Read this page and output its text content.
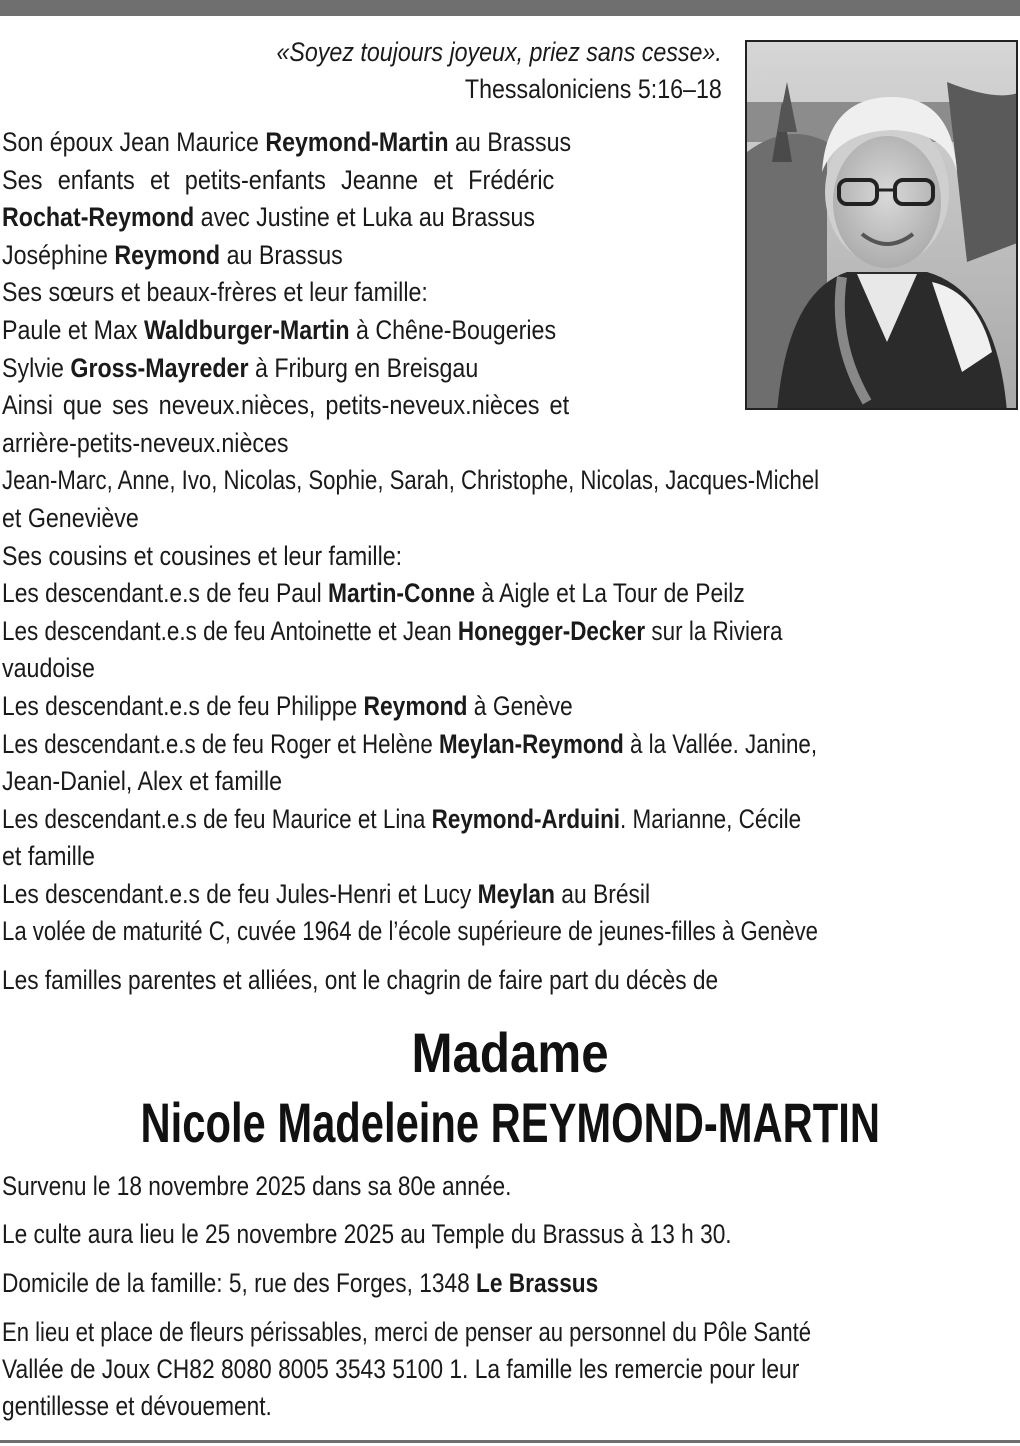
«Soyez toujours joyeux, priez sans cesse».
Thessaloniciens 5:16–18
Son époux Jean Maurice Reymond-Martin au Brassus
Ses enfants et petits-enfants Jeanne et Frédéric
Rochat-Reymond avec Justine et Luka au Brassus
Joséphine Reymond au Brassus
Ses sœurs et beaux-frères et leur famille:
Paule et Max Waldburger-Martin à Chêne-Bougeries
Sylvie Gross-Mayreder à Friburg en Breisgau
Ainsi que ses neveux.nièces, petits-neveux.nièces et
arrière-petits-neveux.nièces
Jean-Marc, Anne, Ivo, Nicolas, Sophie, Sarah, Christophe, Nicolas, Jacques-Michel
et Geneviève
Ses cousins et cousines et leur famille:
Les descendant.e.s de feu Paul Martin-Conne à Aigle et La Tour de Peilz
Les descendant.e.s de feu Antoinette et Jean Honegger-Decker sur la Riviera
vaudoise
Les descendant.e.s de feu Philippe Reymond à Genève
Les descendant.e.s de feu Roger et Helène Meylan-Reymond à la Vallée. Janine,
Jean-Daniel, Alex et famille
Les descendant.e.s de feu Maurice et Lina Reymond-Arduini. Marianne, Cécile
et famille
Les descendant.e.s de feu Jules-Henri et Lucy Meylan au Brésil
La volée de maturité C, cuvée 1964 de l’école supérieure de jeunes-filles à Genève
Les familles parentes et alliées, ont le chagrin de faire part du décès de
Madame
Nicole Madeleine REYMOND-MARTIN
Survenu le 18 novembre 2025 dans sa 80e année.
Le culte aura lieu le 25 novembre 2025 au Temple du Brassus à 13 h 30.
Domicile de la famille: 5, rue des Forges, 1348 Le Brassus
En lieu et place de fleurs périssables, merci de penser au personnel du Pôle Santé
Vallée de Joux CH82 8080 8005 3543 5100 1. La famille les remercie pour leur
gentillesse et dévouement.
